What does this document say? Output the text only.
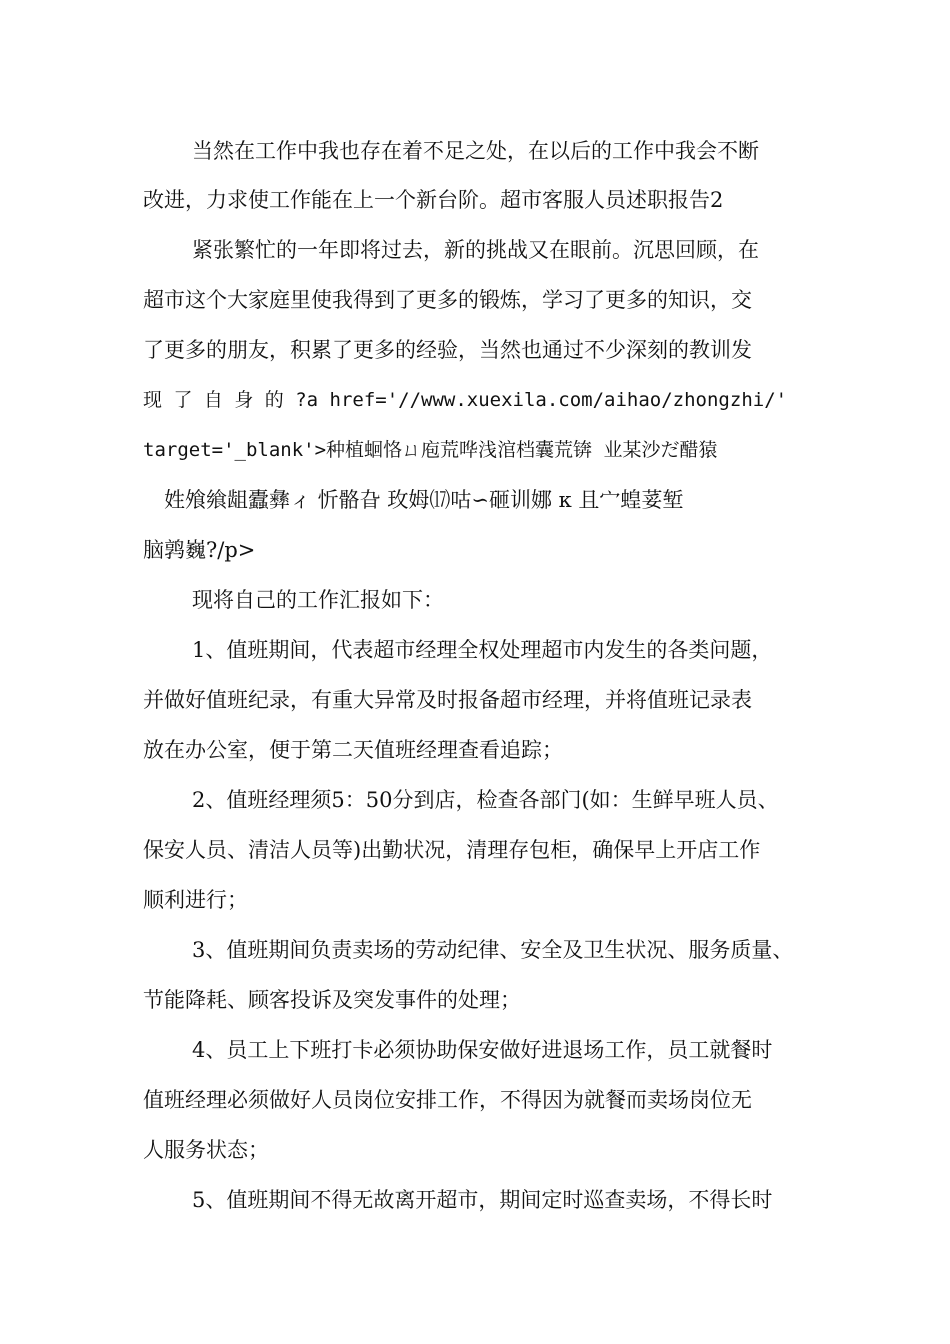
当然在工作中我也存在着不足之处，在以后的工作中我会不断

改进，力求使工作能在上一个新台阶。超市客服人员述职报告2

紧张繁忙的一年即将过去，新的挑战又在眼前。沉思回顾，在

超市这个大家庭里使我得到了更多的锻炼，学习了更多的知识，交

了更多的朋友，积累了更多的经验，当然也通过不少深刻的教训发

现 了 自 身 的 ?a href='//www.xuexila.com/aihao/zhongzhi/'

target='_blank'>种植蛔恪ㄩ庖荒哗浅涫档囊荒锛 业某沙だ醋猿

姓飧飨龃蠹彝ィ 忻骼旮 玫姆⒄咕∽砸训娜 κ 且宀蝗荽堑

脑鹑巍?/p>

现将自己的工作汇报如下：

1、值班期间，代表超市经理全权处理超市内发生的各类问题，

并做好值班纪录，有重大异常及时报备超市经理，并将值班记录表

放在办公室，便于第二天值班经理查看追踪；

2、值班经理须5：50分到店，检查各部门(如：生鲜早班人员、

保安人员、清洁人员等)出勤状况，清理存包柜，确保早上开店工作

顺利进行；

3、值班期间负责卖场的劳动纪律、安全及卫生状况、服务质量、

节能降耗、顾客投诉及突发事件的处理；

4、员工上下班打卡必须协助保安做好进退场工作，员工就餐时

值班经理必须做好人员岗位安排工作，不得因为就餐而卖场岗位无

人服务状态；

5、值班期间不得无故离开超市，期间定时巡查卖场，不得长时
